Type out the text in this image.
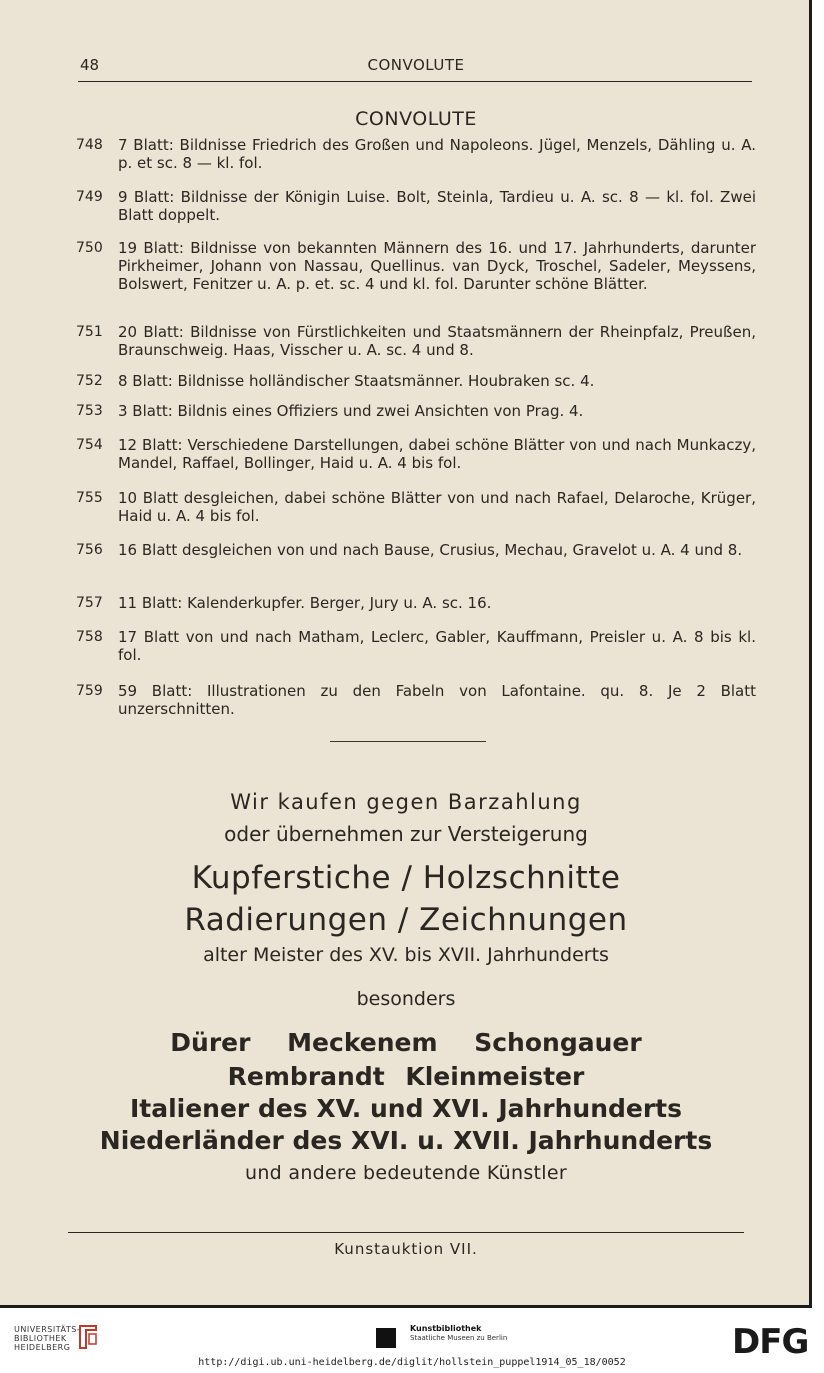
48	CONVOLUTE
CONVOLUTE
748	7 Blatt: Bildnisse Friedrich des Großen und Napoleons. Jügel, Menzels, Dähling u. A. p. et sc. 8 — kl. fol.
749	9 Blatt: Bildnisse der Königin Luise. Bolt, Steinla, Tardieu u. A. sc. 8 — kl. fol. Zwei Blatt doppelt.
750	19 Blatt: Bildnisse von bekannten Männern des 16. und 17. Jahrhunderts, darunter Pirkheimer, Johann von Nassau, Quellinus. van Dyck, Troschel, Sadeler, Meyssens, Bolswert, Fenitzer u. A. p. et. sc. 4 und kl. fol. Darunter schöne Blätter.
751	20 Blatt: Bildnisse von Fürstlichkeiten und Staatsmännern der Rheinpfalz, Preußen, Braunschweig. Haas, Visscher u. A. sc. 4 und 8.
752	8 Blatt: Bildnisse holländischer Staatsmänner. Houbraken sc. 4.
753	3 Blatt: Bildnis eines Offiziers und zwei Ansichten von Prag. 4.
754	12 Blatt: Verschiedene Darstellungen, dabei schöne Blätter von und nach Munkaczy, Mandel, Raffael, Bollinger, Haid u. A. 4 bis fol.
755	10 Blatt desgleichen, dabei schöne Blätter von und nach Rafael, Delaroche, Krüger, Haid u. A. 4 bis fol.
756	16 Blatt desgleichen von und nach Bause, Crusius, Mechau, Gravelot u. A. 4 und 8.
757	11 Blatt: Kalenderkupfer. Berger, Jury u. A. sc. 16.
758	17 Blatt von und nach Matham, Leclerc, Gabler, Kauffmann, Preisler u. A. 8 bis kl. fol.
759	59 Blatt: Illustrationen zu den Fabeln von Lafontaine. qu. 8. Je 2 Blatt unzerschnitten.
Wir kaufen gegen Barzahlung
oder übernehmen zur Versteigerung
Kupferstiche / Holzschnitte
Radierungen / Zeichnungen
alter Meister des XV. bis XVII. Jahrhunderts
besonders
Dürer Meckenem Schongauer
Rembrandt Kleinmeister
Italiener des XV. und XVI. Jahrhunderts
Niederländer des XVI. u. XVII. Jahrhunderts
und andere bedeutende Künstler
Kunstauktion VII.
UNIVERSITÄTS-
BIBLIOTHEK
HEIDELBERG
Kunstbibliothek
Staatliche Museen zu Berlin	DFG
http://digi.ub.uni-heidelberg.de/diglit/hollstein_puppel1914_05_18/0052
